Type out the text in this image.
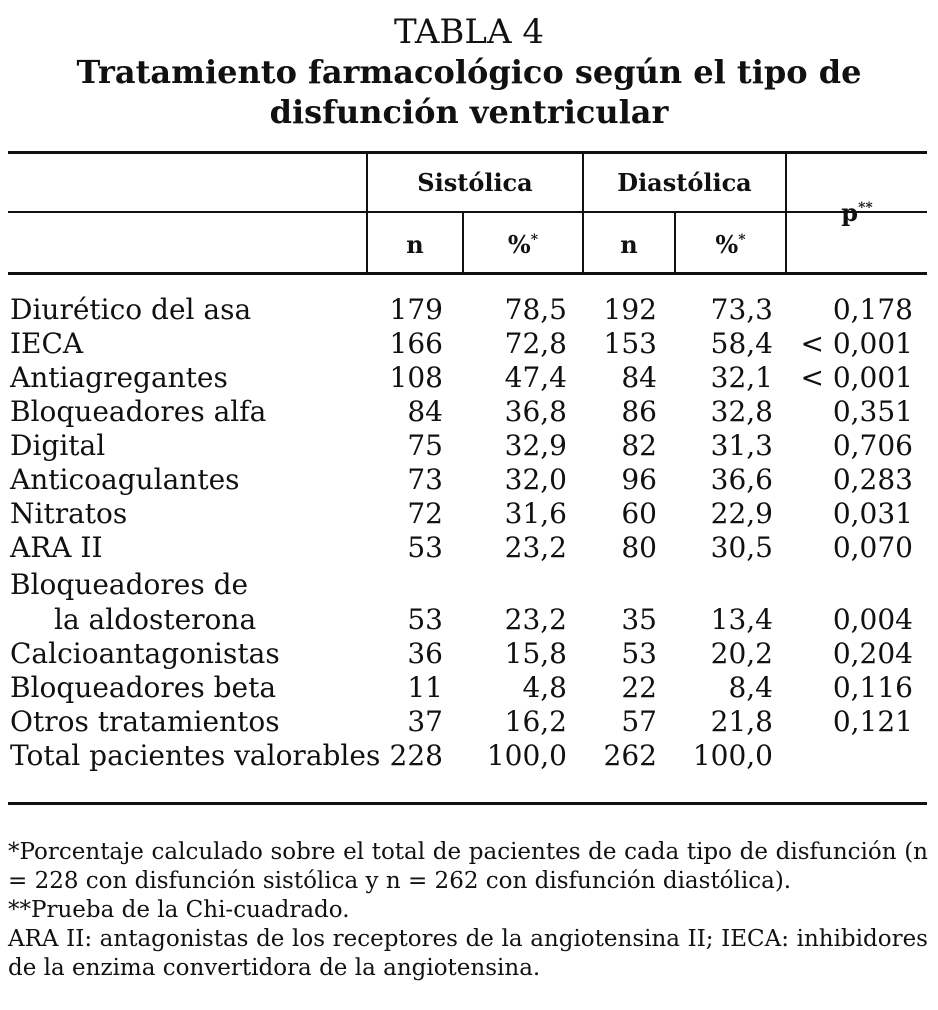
TABLA 4
Tratamiento farmacológico según el tipo de
disfunción ventricular
Sistólica	Diastólica
p**
n	%*	n	%*
Diurético del asa	179 78,5 192 73,3 0,178
IECA	166 72,8 153 58,4 < 0,001
Antiagregantes	108 47,4 84 32,1 < 0,001
Bloqueadores alfa	84 36,8 86 32,8 0,351
Digital	75 32,9 82 31,3 0,706
Anticoagulantes	73 32,0 96 36,6 0,283
Nitratos	72 31,6 60 22,9 0,031
ARA II	53 23,2 80 30,5 0,070
Bloqueadores de
la aldosterona	53 23,2 35 13,4 0,004
Calcioantagonistas	36 15,8 53 20,2 0,204
Bloqueadores beta	11	4,8 22	8,4 0,116
Otros tratamientos	37 16,2 57 21,8 0,121
Total pacientes valorables 228 100,0 262 100,0

*Porcentaje calculado sobre el total de pacientes de cada tipo de disfunción (n = 228 con disfunción sistólica y n = 262 con disfunción diastólica).

**Prueba de la Chi-cuadrado.

ARA II: antagonistas de los receptores de la angiotensina II; IECA: inhibidores de la enzima convertidora de la angiotensina.
